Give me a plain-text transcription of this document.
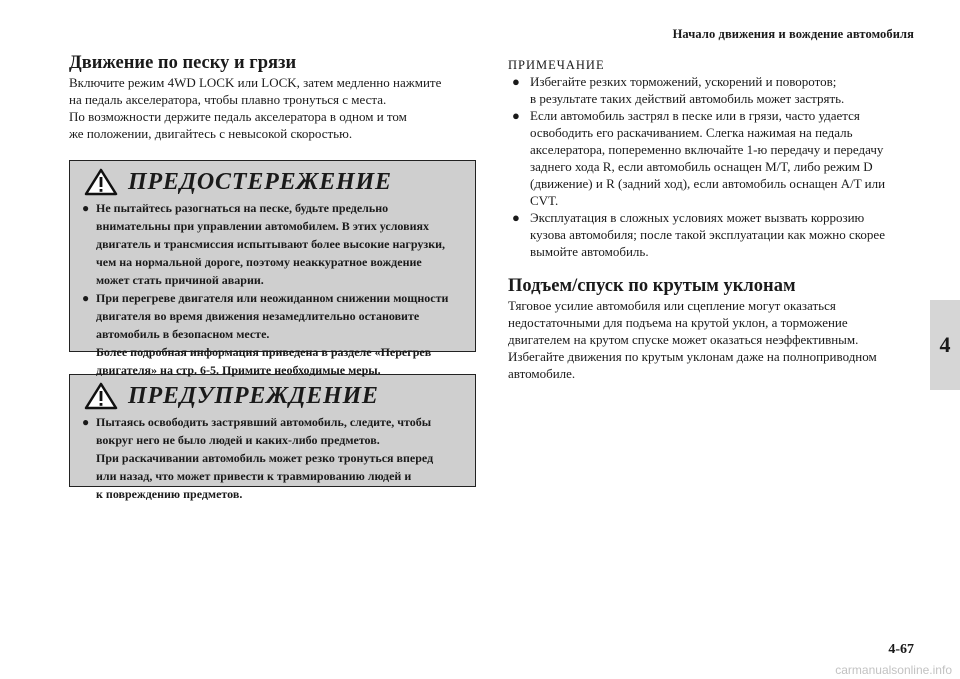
Начало движения и вождение автомобиля
4
Движение по песку и грязи

Включите режим 4WD LOCK или LOCK, затем медленно нажмите

на педаль акселератора, чтобы плавно тронуться с места.

По возможности держите педаль акселератора в одном и том

же положении, двигайтесь с невысокой скоростью.

ПРЕДОСТЕРЕЖЕНИЕ
● Не пытайтесь разогнаться на песке, будьте предельно
внимательны при управлении автомобилем. В этих условиях
двигатель и трансмиссия испытывают более высокие нагрузки,
чем на нормальной дороге, поэтому неаккуратное вождение
может стать причиной аварии.
● При перегреве двигателя или неожиданном снижении мощности
двигателя во время движения незамедлительно остановите
автомобиль в безопасном месте.
Более подробная информация приведена в разделе «Перегрев
двигателя» на стр. 6-5. Примите необходимые меры.
ПРЕДУПРЕЖДЕНИЕ
● Пытаясь освободить застрявший автомобиль, следите, чтобы
вокруг него не было людей и каких-либо предметов.
При раскачивании автомобиль может резко тронуться вперед
или назад, что может привести к травмированию людей и
к повреждению предметов.
ПРИМЕЧАНИЕ
● Избегайте резких торможений, ускорений и поворотов;
в результате таких действий автомобиль может застрять.
● Если автомобиль застрял в песке или в грязи, часто удается
освободить его раскачиванием. Слегка нажимая на педаль
акселератора, попеременно включайте 1-ю передачу и передачу
заднего хода R, если автомобиль оснащен M/T, либо режим D
(движение) и R (задний ход), если автомобиль оснащен A/T или
CVT.
● Эксплуатация в сложных условиях может вызвать коррозию
кузова автомобиля; после такой эксплуатации как можно скорее
вымойте автомобиль.
Подъем/спуск по крутым уклонам

Тяговое усилие автомобиля или сцепление могут оказаться

недостаточными для подъема на крутой уклон, а торможение

двигателем на крутом спуске может оказаться неэффективным.

Избегайте движения по крутым уклонам даже на полноприводном

автомобиле.

4-67
carmanualsonline.info
